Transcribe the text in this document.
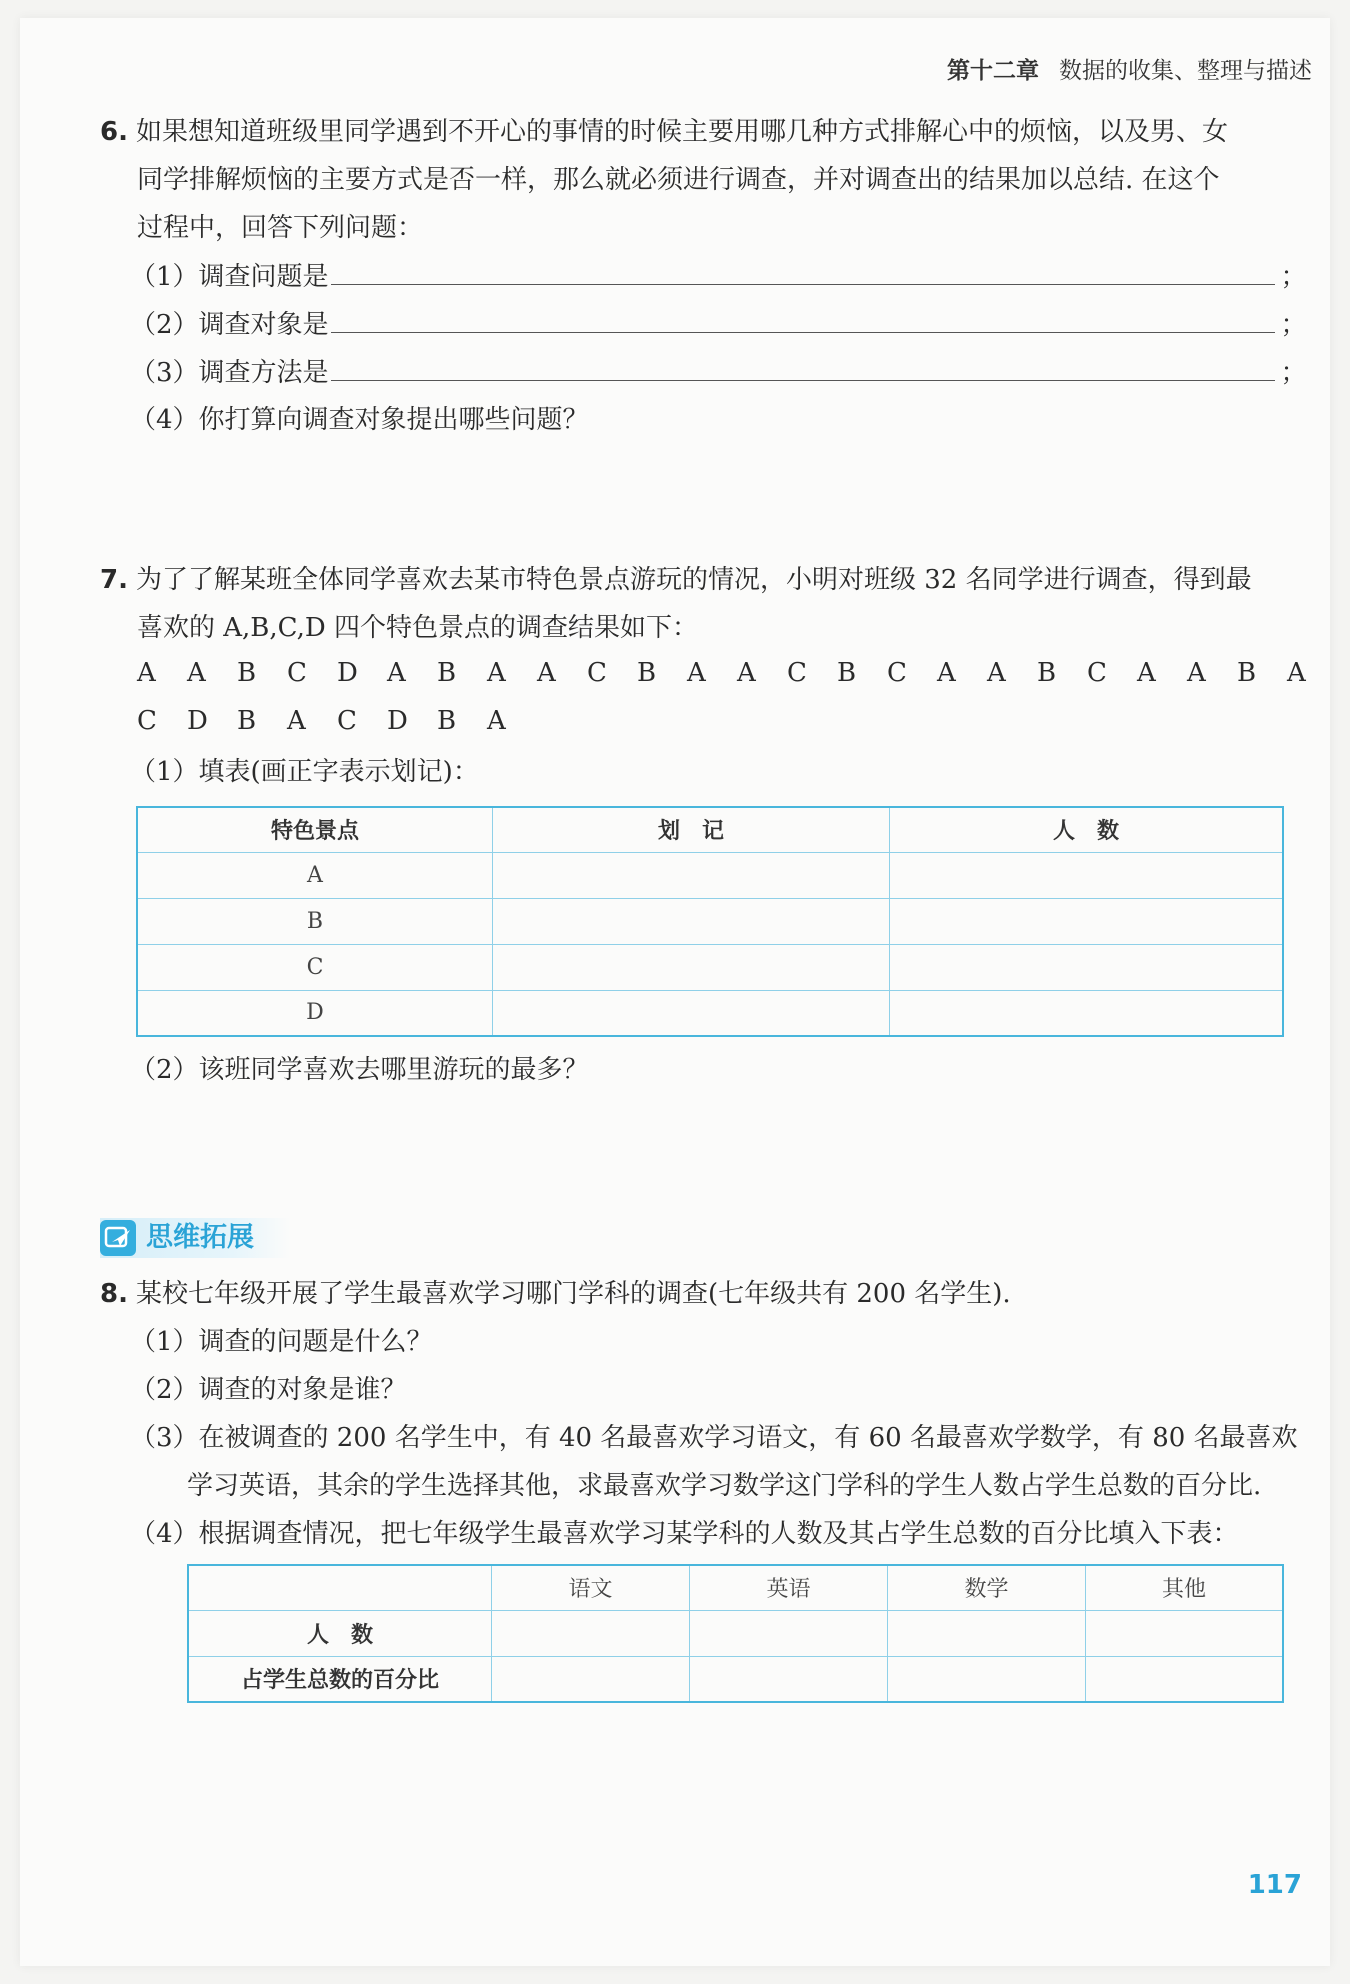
第十二章 数据的收集、整理与描述
6. 如果想知道班级里同学遇到不开心的事情的时候主要用哪几种方式排解心中的烦恼，以及男、女
同学排解烦恼的主要方式是否一样，那么就必须进行调查，并对调查出的结果加以总结. 在这个
过程中，回答下列问题：
（1）调查问题是	；
（2）调查对象是	；
（3）调查方法是	；
（4）你打算向调查对象提出哪些问题？
7. 为了了解某班全体同学喜欢去某市特色景点游玩的情况，小明对班级 32 名同学进行调查，得到最
喜欢的 A,B,C,D 四个特色景点的调查结果如下：
A A B C D A B A A C B A A C B C A A B C A A B A
C D B A C D B A
（1）填表(画正字表示划记)：
特色景点	划　记	人　数
A		
B		
C		
D		
（2）该班同学喜欢去哪里游玩的最多？
思维拓展
8. 某校七年级开展了学生最喜欢学习哪门学科的调查(七年级共有 200 名学生).
（1）调查的问题是什么？
（2）调查的对象是谁？
（3）在被调查的 200 名学生中，有 40 名最喜欢学习语文，有 60 名最喜欢学数学，有 80 名最喜欢
学习英语，其余的学生选择其他，求最喜欢学习数学这门学科的学生人数占学生总数的百分比.
（4）根据调查情况，把七年级学生最喜欢学习某学科的人数及其占学生总数的百分比填入下表：
	语文	英语	数学	其他
人　数				
占学生总数的百分比				
117
